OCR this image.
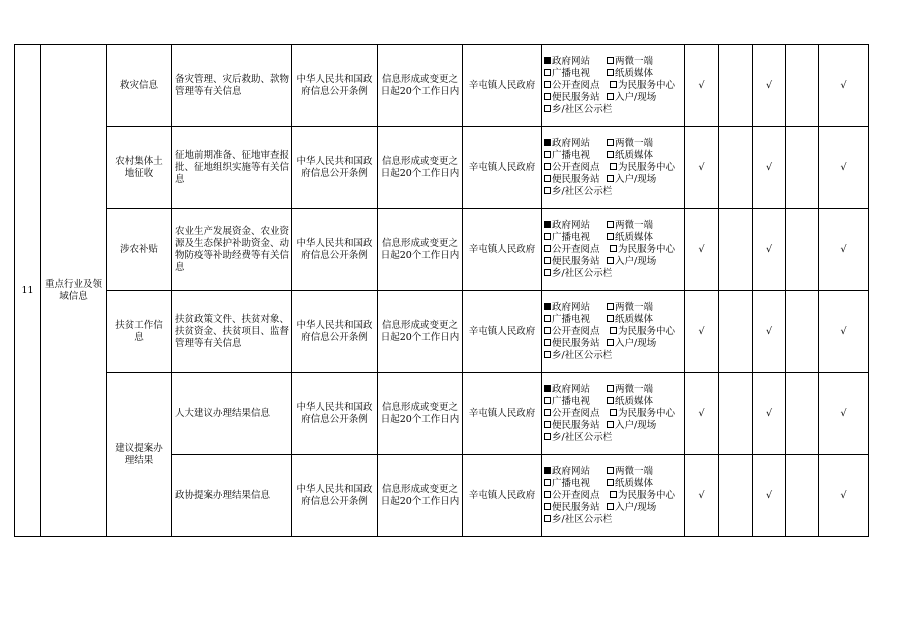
11	重点行业及领域信息	救灾信息	备灾管理、灾后救助、款物管理等有关信息	中华人民共和国政府信息公开条例	信息形成或变更之日起20个工作日内	辛屯镇人民政府	政府网站 两微一端
广播电视 纸质媒体
公开查阅点 为民服务中心
便民服务站 入户/现场
乡/社区公示栏	√		√		√
		农村集体土地征收	征地前期准备、征地审查报批、征地组织实施等有关信息	中华人民共和国政府信息公开条例	信息形成或变更之日起20个工作日内	辛屯镇人民政府	政府网站 两微一端
广播电视 纸质媒体
公开查阅点 为民服务中心
便民服务站 入户/现场
乡/社区公示栏	√		√		√
		涉农补贴	农业生产发展资金、农业资源及生态保护补助资金、动物防疫等补助经费等有关信息	中华人民共和国政府信息公开条例	信息形成或变更之日起20个工作日内	辛屯镇人民政府	政府网站 两微一端
广播电视 纸质媒体
公开查阅点 为民服务中心
便民服务站 入户/现场
乡/社区公示栏	√		√		√
		扶贫工作信息	扶贫政策文件、扶贫对象、扶贫资金、扶贫项目、监督管理等有关信息	中华人民共和国政府信息公开条例	信息形成或变更之日起20个工作日内	辛屯镇人民政府	政府网站 两微一端
广播电视 纸质媒体
公开查阅点 为民服务中心
便民服务站 入户/现场
乡/社区公示栏	√		√		√
		建议提案办理结果	人大建议办理结果信息	中华人民共和国政府信息公开条例	信息形成或变更之日起20个工作日内	辛屯镇人民政府	政府网站 两微一端
广播电视 纸质媒体
公开查阅点 为民服务中心
便民服务站 入户/现场
乡/社区公示栏	√		√		√
			政协提案办理结果信息	中华人民共和国政府信息公开条例	信息形成或变更之日起20个工作日内	辛屯镇人民政府	政府网站 两微一端
广播电视 纸质媒体
公开查阅点 为民服务中心
便民服务站 入户/现场
乡/社区公示栏	√		√		√
